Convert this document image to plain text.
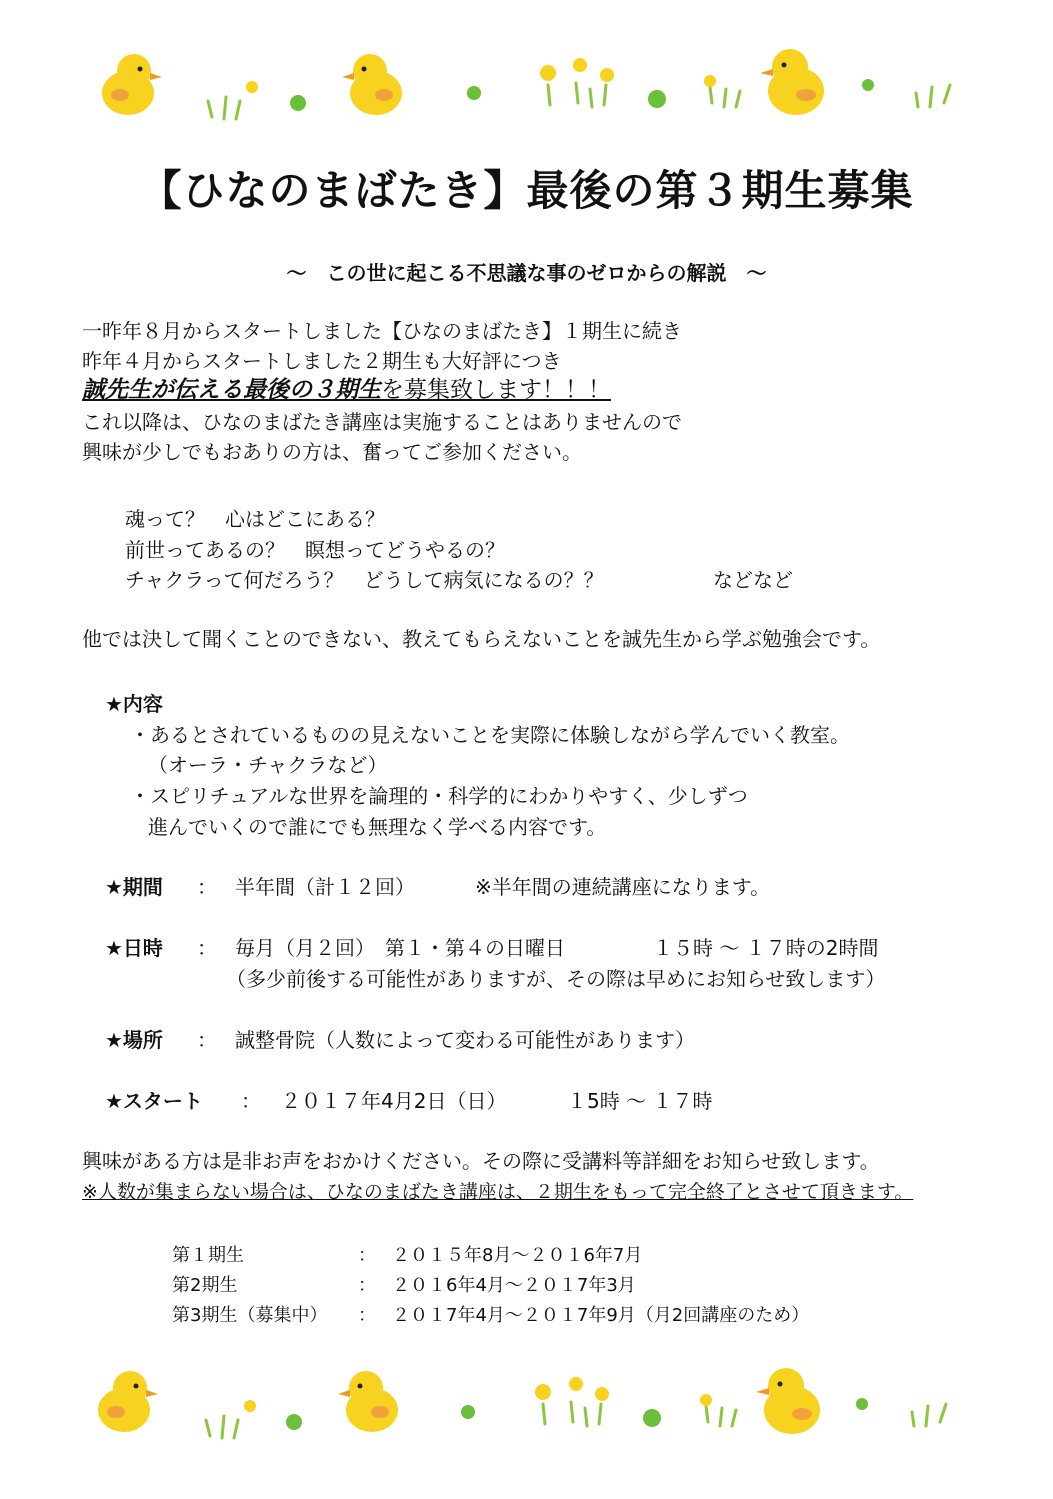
【ひなのまばたき】最後の第３期生募集
～　この世に起こる不思議な事のゼロからの解説　～
一昨年８月からスタートしました【ひなのまばたき】１期生に続き
昨年４月からスタートしました２期生も大好評につき
誠先生が伝える最後の３期生を募集致します！！！
これ以降は、ひなのまばたき講座は実施することはありませんので
興味が少しでもおありの方は、奮ってご参加ください。
魂って？　心はどこにある？
前世ってあるの？　瞑想ってどうやるの？
チャクラって何だろう？　どうして病気になるの？？	などなど
他では決して聞くことのできない、教えてもらえないことを誠先生から学ぶ勉強会です。
★内容
・あるとされているものの見えないことを実際に体験しながら学んでいく教室。
（オーラ・チャクラなど）
・スピリチュアルな世界を論理的・科学的にわかりやすく、少しずつ
進んでいくので誰にでも無理なく学べる内容です。
★期間 ： 半年間（計１２回）	※半年間の連続講座になります。
★日時 ： 毎月（月２回）　第１・第４の日曜日	１５時 ～ １７時の2時間
（多少前後する可能性がありますが、その際は早めにお知らせ致します）
★場所 ： 誠整骨院（人数によって変わる可能性があります）
★スタート ： ２０１７年4月2日（日）	１5時 ～ １７時
興味がある方は是非お声をおかけください。その際に受講料等詳細をお知らせ致します。
※人数が集まらない場合は、ひなのまばたき講座は、２期生をもって完全終了とさせて頂きます。
第１期生	： ２０１５年8月～２０１6年7月
第2期生	： ２０１6年4月～２０１7年3月
第3期生（募集中） ： ２０１7年4月～２０１7年9月（月2回講座のため）
